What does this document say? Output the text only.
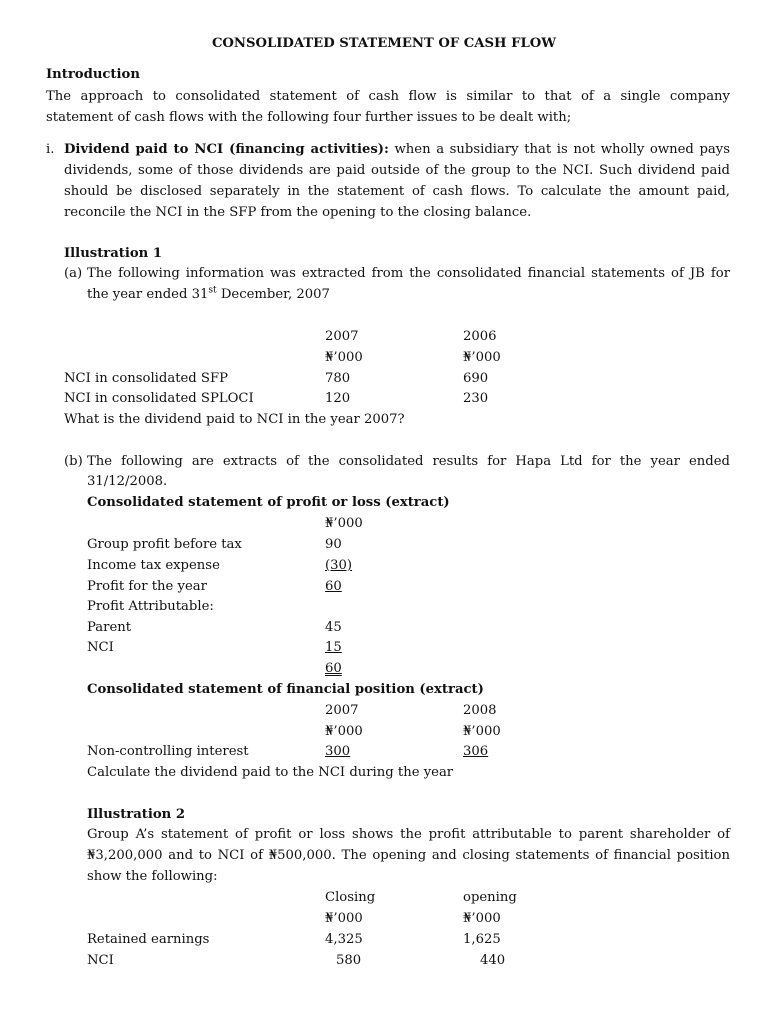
CONSOLIDATED STATEMENT OF CASH FLOW
Introduction
The approach to consolidated statement of cash flow is similar to that of a single company
statement of cash flows with the following four further issues to be dealt with;
i. Dividend paid to NCI (financing activities): when a subsidiary that is not wholly owned pays
dividends, some of those dividends are paid outside of the group to the NCI. Such dividend paid
should be disclosed separately in the statement of cash flows. To calculate the amount paid,
reconcile the NCI in the SFP from the opening to the closing balance.
Illustration 1
(a) The following information was extracted from the consolidated financial statements of JB for
the year ended 31st December, 2007
2007	2006
₦’000	₦’000
NCI in consolidated SFP	780	690
NCI in consolidated SPLOCI	120	230
What is the dividend paid to NCI in the year 2007?
(b) The following are extracts of the consolidated results for Hapa Ltd for the year ended
31/12/2008.
Consolidated statement of profit or loss (extract)
₦’000
Group profit before tax	90
Income tax expense	(30)
Profit for the year	60
Profit Attributable:
Parent	45
NCI	15
60
Consolidated statement of financial position (extract)
2007	2008
₦’000	₦’000
Non-controlling interest	300	306
Calculate the dividend paid to the NCI during the year
Illustration 2
Group A’s statement of profit or loss shows the profit attributable to parent shareholder of
₦3,200,000 and to NCI of ₦500,000. The opening and closing statements of financial position
show the following:
Closing	opening
₦’000	₦’000
Retained earnings	4,325	1,625
NCI	580	440
